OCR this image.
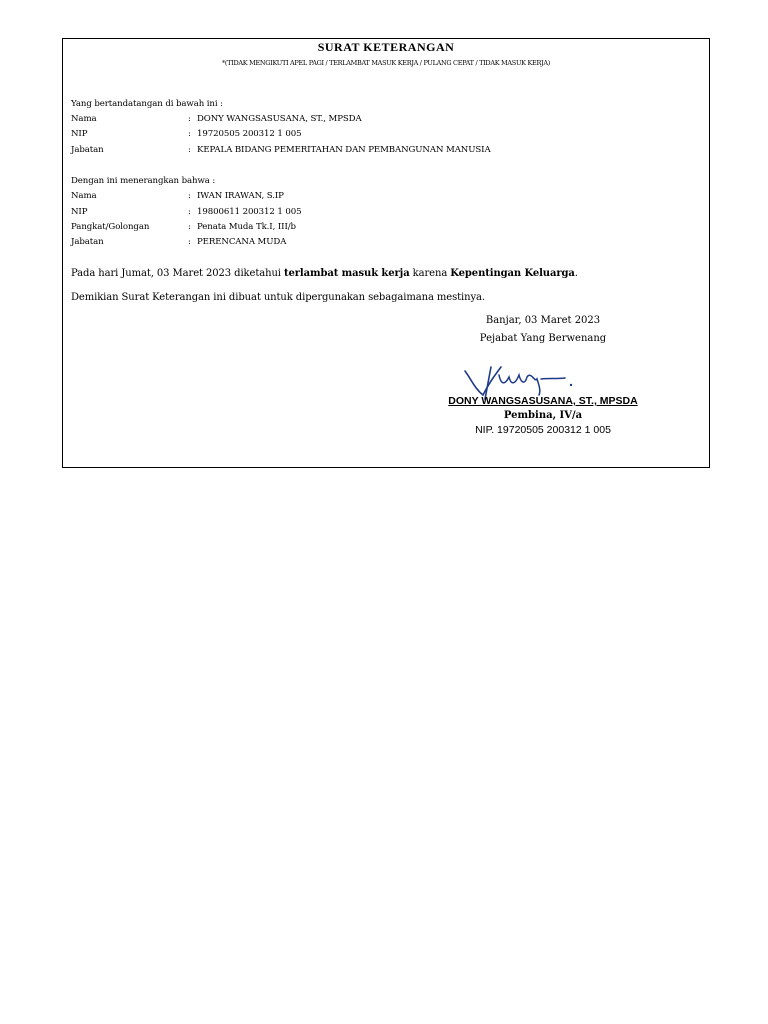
SURAT KETERANGAN
*(TIDAK MENGIKUTI APEL PAGI / TERLAMBAT MASUK KERJA / PULANG CEPAT / TIDAK MASUK KERJA)
Yang bertandatangan di bawah ini :
Nama	: DONY WANGSASUSANA, ST., MPSDA
NIP	: 19720505 200312 1 005
Jabatan	: KEPALA BIDANG PEMERITAHAN DAN PEMBANGUNAN MANUSIA
Dengan ini menerangkan bahwa :
Nama	: IWAN IRAWAN, S.IP
NIP	: 19800611 200312 1 005
Pangkat/Golongan	: Penata Muda Tk.I, III/b
Jabatan	: PERENCANA MUDA
Pada hari Jumat, 03 Maret 2023 diketahui terlambat masuk kerja karena Kepentingan Keluarga.
Demikian Surat Keterangan ini dibuat untuk dipergunakan sebagaimana mestinya.
Banjar, 03 Maret 2023
Pejabat Yang Berwenang
DONY WANGSASUSANA, ST., MPSDA
Pembina, IV/a
NIP. 19720505 200312 1 005
